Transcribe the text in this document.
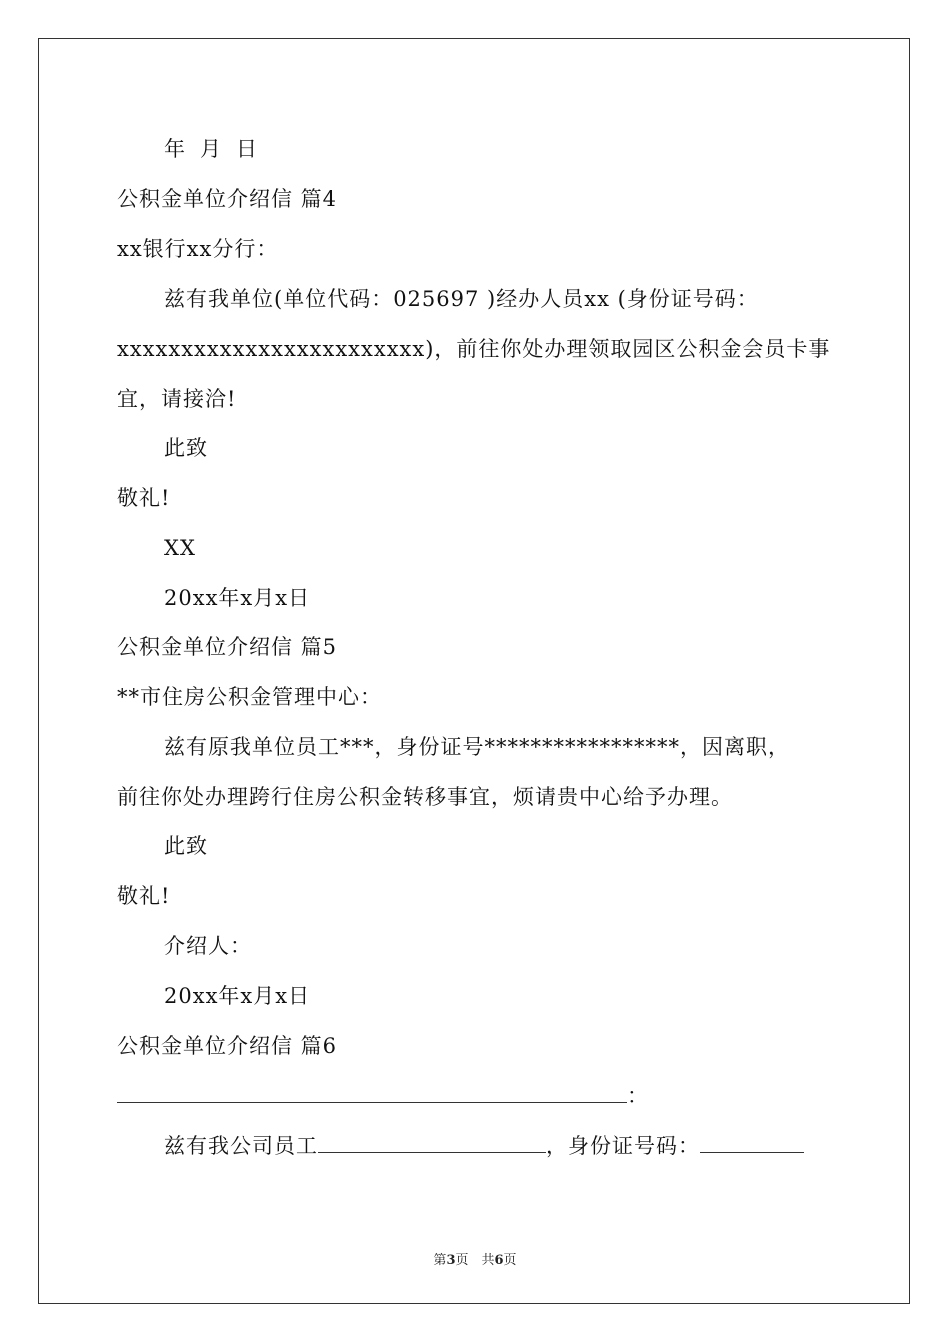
年 月 日
公积金单位介绍信 篇4
xx银行xx分行：
兹有我单位(单位代码：025697 )经办人员xx (身份证号码：
xxxxxxxxxxxxxxxxxxxxxxxx)，前往你处办理领取园区公积金会员卡事
宜，请接洽!
此致
敬礼!
XX
20xx年x月x日
公积金单位介绍信 篇5
**市住房公积金管理中心：
兹有原我单位员工***，身份证号*****************，因离职，
前往你处办理跨行住房公积金转移事宜，烦请贵中心给予办理。
此致
敬礼!
介绍人：
20xx年x月x日
公积金单位介绍信 篇6
：
兹有我公司员工	，身份证号码：
第3页　共6页
